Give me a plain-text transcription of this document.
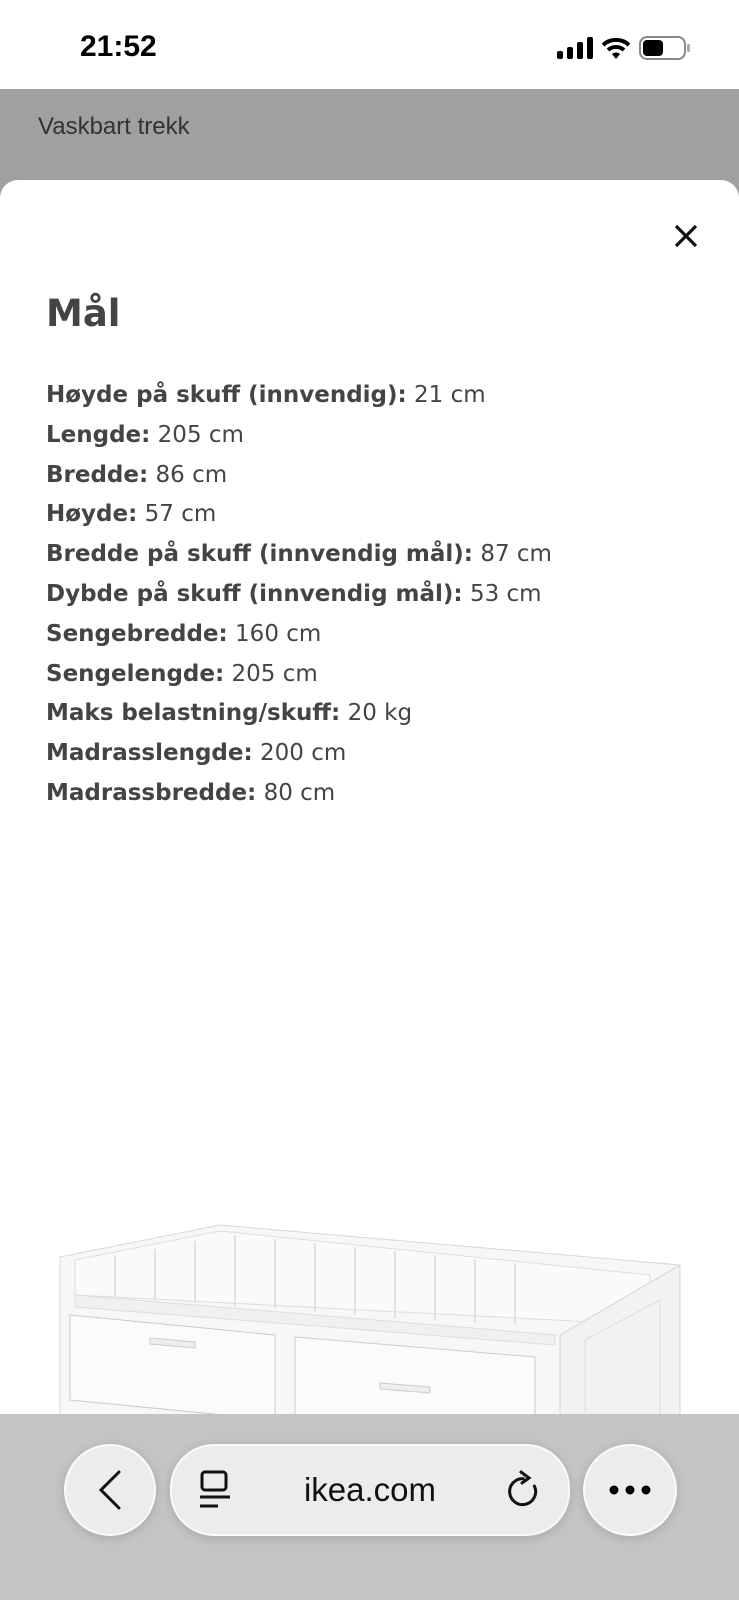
21:52
Vaskbart trekk
Mål
Høyde på skuff (innvendig): 21 cm
Lengde: 205 cm
Bredde: 86 cm
Høyde: 57 cm
Bredde på skuff (innvendig mål): 87 cm
Dybde på skuff (innvendig mål): 53 cm
Sengebredde: 160 cm
Sengelengde: 205 cm
Maks belastning/skuff: 20 kg
Madrasslengde: 200 cm
Madrassbredde: 80 cm
ikea.com
